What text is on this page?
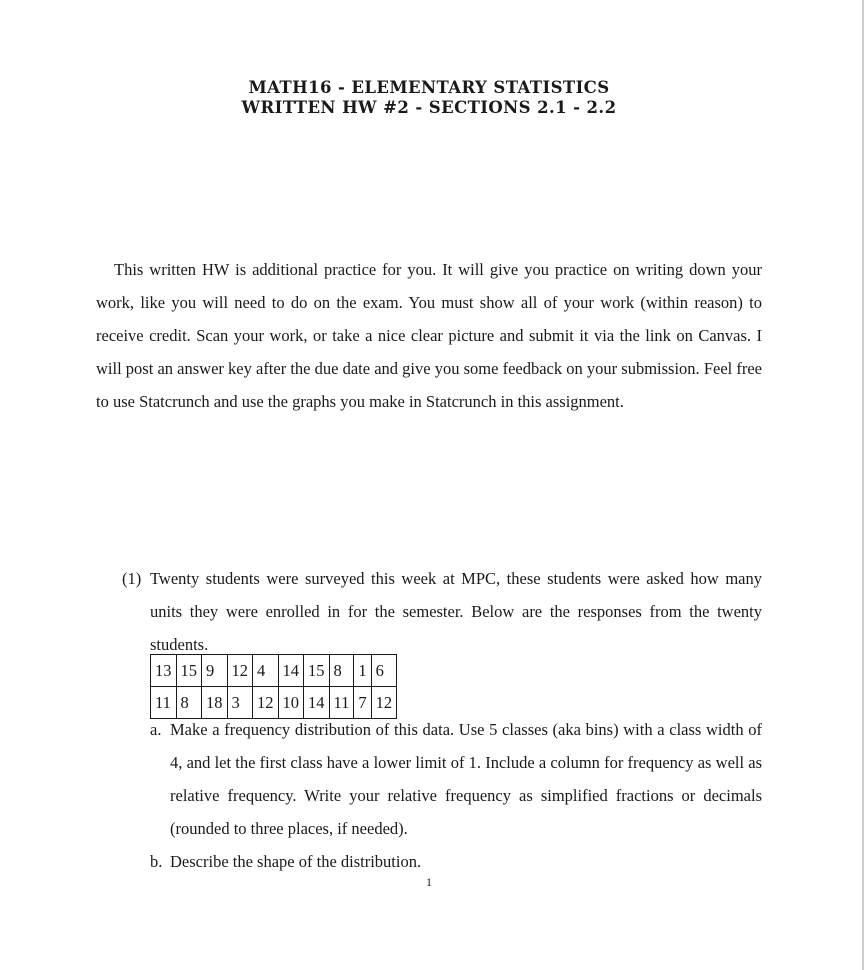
MATH16 - ELEMENTARY STATISTICS
WRITTEN HW #2 - SECTIONS 2.1 - 2.2

This written HW is additional practice for you. It will give you practice on writing down your work, like you will need to do on the exam. You must show all of your work (within reason) to receive credit. Scan your work, or take a nice clear picture and submit it via the link on Canvas. I will post an answer key after the due date and give you some feedback on your submission. Feel free to use Statcrunch and use the graphs you make in Statcrunch in this assignment.

(1) Twenty students were surveyed this week at MPC, these students were asked how many units they were enrolled in for the semester. Below are the responses from the twenty students.

13	15	9	12	4	14	15	8	1	6
11	8	18	3	12	10	14	11	7	12
a. Make a frequency distribution of this data. Use 5 classes (aka bins) with a class width of 4, and let the first class have a lower limit of 1. Include a column for frequency as well as relative frequency. Write your relative frequency as simplified fractions or decimals (rounded to three places, if needed).

b. Describe the shape of the distribution.

1
